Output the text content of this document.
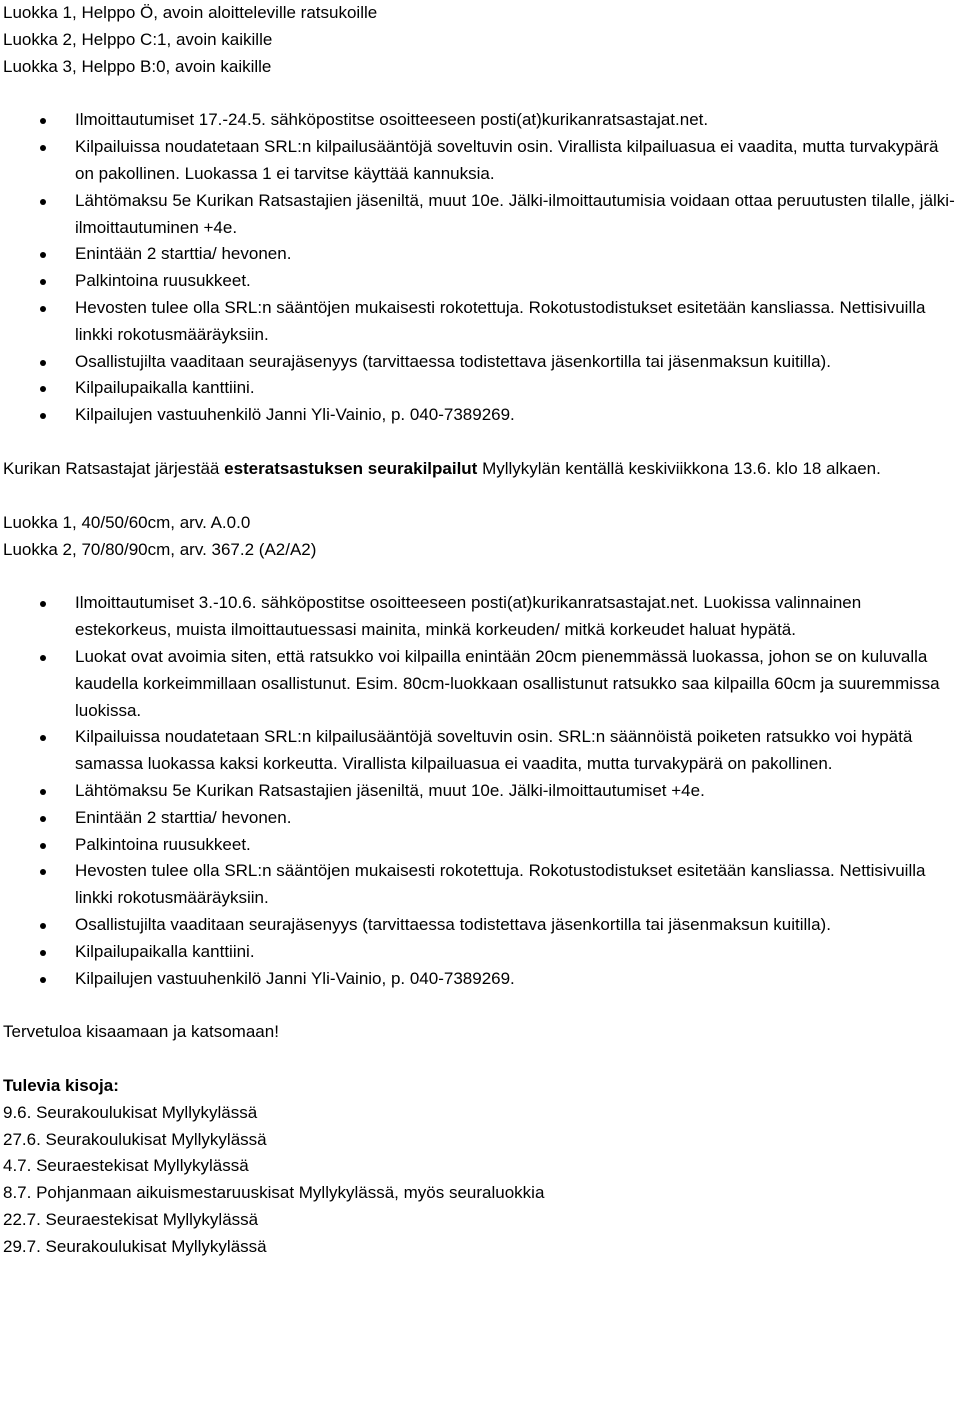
Luokka 1, Helppo Ö, avoin aloitteleville ratsukoille

Luokka 2, Helppo C:1, avoin kaikille

Luokka 3, Helppo B:0, avoin kaikille

Ilmoittautumiset 17.-24.5. sähköpostitse osoitteeseen posti(at)kurikanratsastajat.net.
Kilpailuissa noudatetaan SRL:n kilpailusääntöjä soveltuvin osin. Virallista kilpailuasua ei vaadita, mutta turvakypärä on pakollinen. Luokassa 1 ei tarvitse käyttää kannuksia.
Lähtömaksu 5e Kurikan Ratsastajien jäseniltä, muut 10e. Jälki-ilmoittautumisia voidaan ottaa peruutusten tilalle, jälki-ilmoittautuminen +4e.
Enintään 2 starttia/ hevonen.
Palkintoina ruusukkeet.
Hevosten tulee olla SRL:n sääntöjen mukaisesti rokotettuja. Rokotustodistukset esitetään kansliassa. Nettisivuilla linkki rokotusmääräyksiin.
Osallistujilta vaaditaan seurajäsenyys (tarvittaessa todistettava jäsenkortilla tai jäsenmaksun kuitilla).
Kilpailupaikalla kanttiini.
Kilpailujen vastuuhenkilö Janni Yli-Vainio, p. 040-7389269.

Kurikan Ratsastajat järjestää esteratsastuksen seurakilpailut Myllykylän kentällä keskiviikkona 13.6. klo 18 alkaen.

Luokka 1, 40/50/60cm, arv. A.0.0

Luokka 2, 70/80/90cm, arv. 367.2 (A2/A2)

Ilmoittautumiset 3.-10.6. sähköpostitse osoitteeseen posti(at)kurikanratsastajat.net. Luokissa valinnainen estekorkeus, muista ilmoittautuessasi mainita, minkä korkeuden/ mitkä korkeudet haluat hypätä.
Luokat ovat avoimia siten, että ratsukko voi kilpailla enintään 20cm pienemmässä luokassa, johon se on kuluvalla kaudella korkeimmillaan osallistunut. Esim. 80cm-luokkaan osallistunut ratsukko saa kilpailla 60cm ja suuremmissa luokissa.
Kilpailuissa noudatetaan SRL:n kilpailusääntöjä soveltuvin osin. SRL:n säännöistä poiketen ratsukko voi hypätä samassa luokassa kaksi korkeutta. Virallista kilpailuasua ei vaadita, mutta turvakypärä on pakollinen.
Lähtömaksu 5e Kurikan Ratsastajien jäseniltä, muut 10e. Jälki-ilmoittautumiset +4e.
Enintään 2 starttia/ hevonen.
Palkintoina ruusukkeet.
Hevosten tulee olla SRL:n sääntöjen mukaisesti rokotettuja. Rokotustodistukset esitetään kansliassa. Nettisivuilla linkki rokotusmääräyksiin.
Osallistujilta vaaditaan seurajäsenyys (tarvittaessa todistettava jäsenkortilla tai jäsenmaksun kuitilla).
Kilpailupaikalla kanttiini.
Kilpailujen vastuuhenkilö Janni Yli-Vainio, p. 040-7389269.

Tervetuloa kisaamaan ja katsomaan!

Tulevia kisoja:

9.6. Seurakoulukisat Myllykylässä

27.6. Seurakoulukisat Myllykylässä

4.7. Seuraestekisat Myllykylässä

8.7. Pohjanmaan aikuismestaruuskisat Myllykylässä, myös seuraluokkia

22.7. Seuraestekisat Myllykylässä

29.7. Seurakoulukisat Myllykylässä
